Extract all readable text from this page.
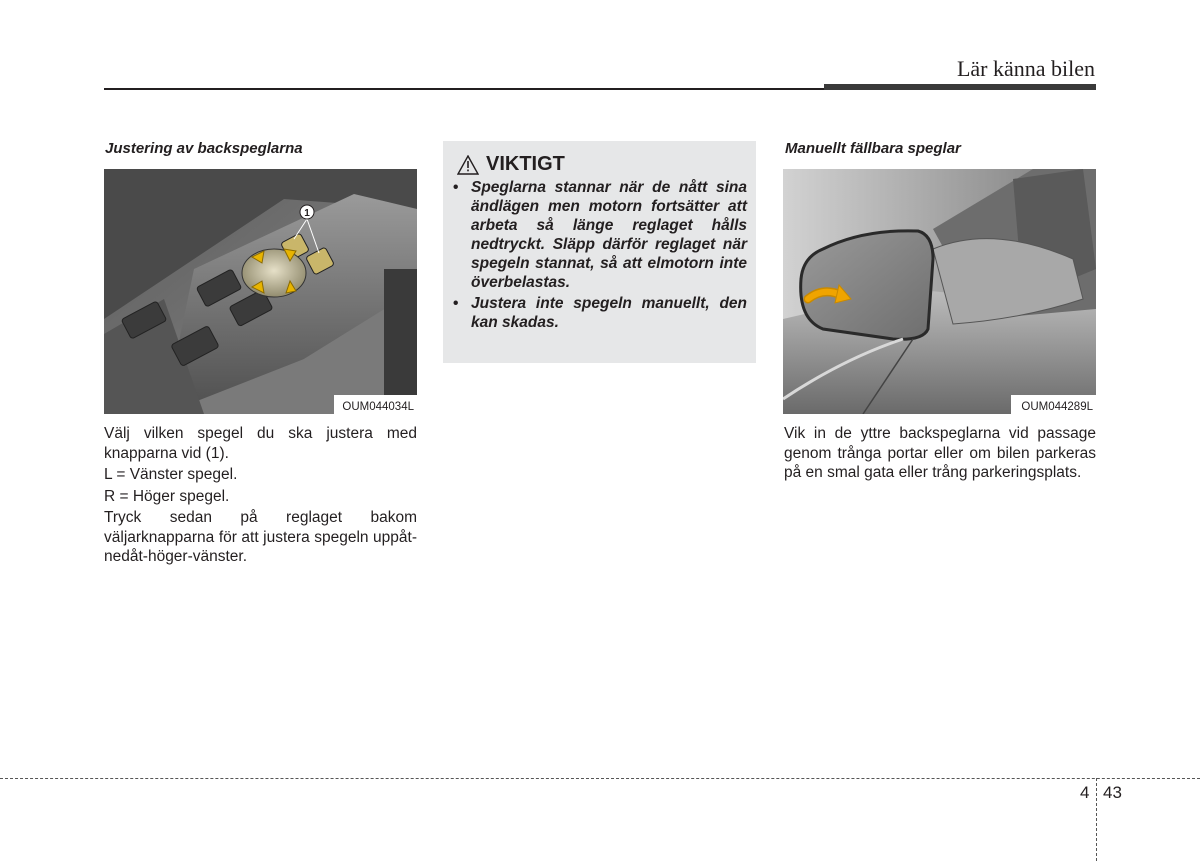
Lär känna bilen
Justering av backspeglarna
1
OUM044034L

Välj vilken spegel du ska justera med knapparna vid (1).

L = Vänster spegel.

R = Höger spegel.

Tryck sedan på reglaget bakom väljarknapparna för att justera spegeln uppåt-nedåt-höger-vänster.

VIKTIGT
• Speglarna stannar när de nått sina ändlägen men motorn fortsätter att arbeta så länge reglaget hålls nedtryckt. Släpp därför reglaget när spegeln stannat, så att elmotorn inte överbelastas.
• Justera inte spegeln manuellt, den kan skadas.
Manuellt fällbara speglar
OUM044289L

Vik in de yttre backspeglarna vid passage genom trånga portar eller om bilen parkeras på en smal gata eller trång parkeringsplats.

4 43
